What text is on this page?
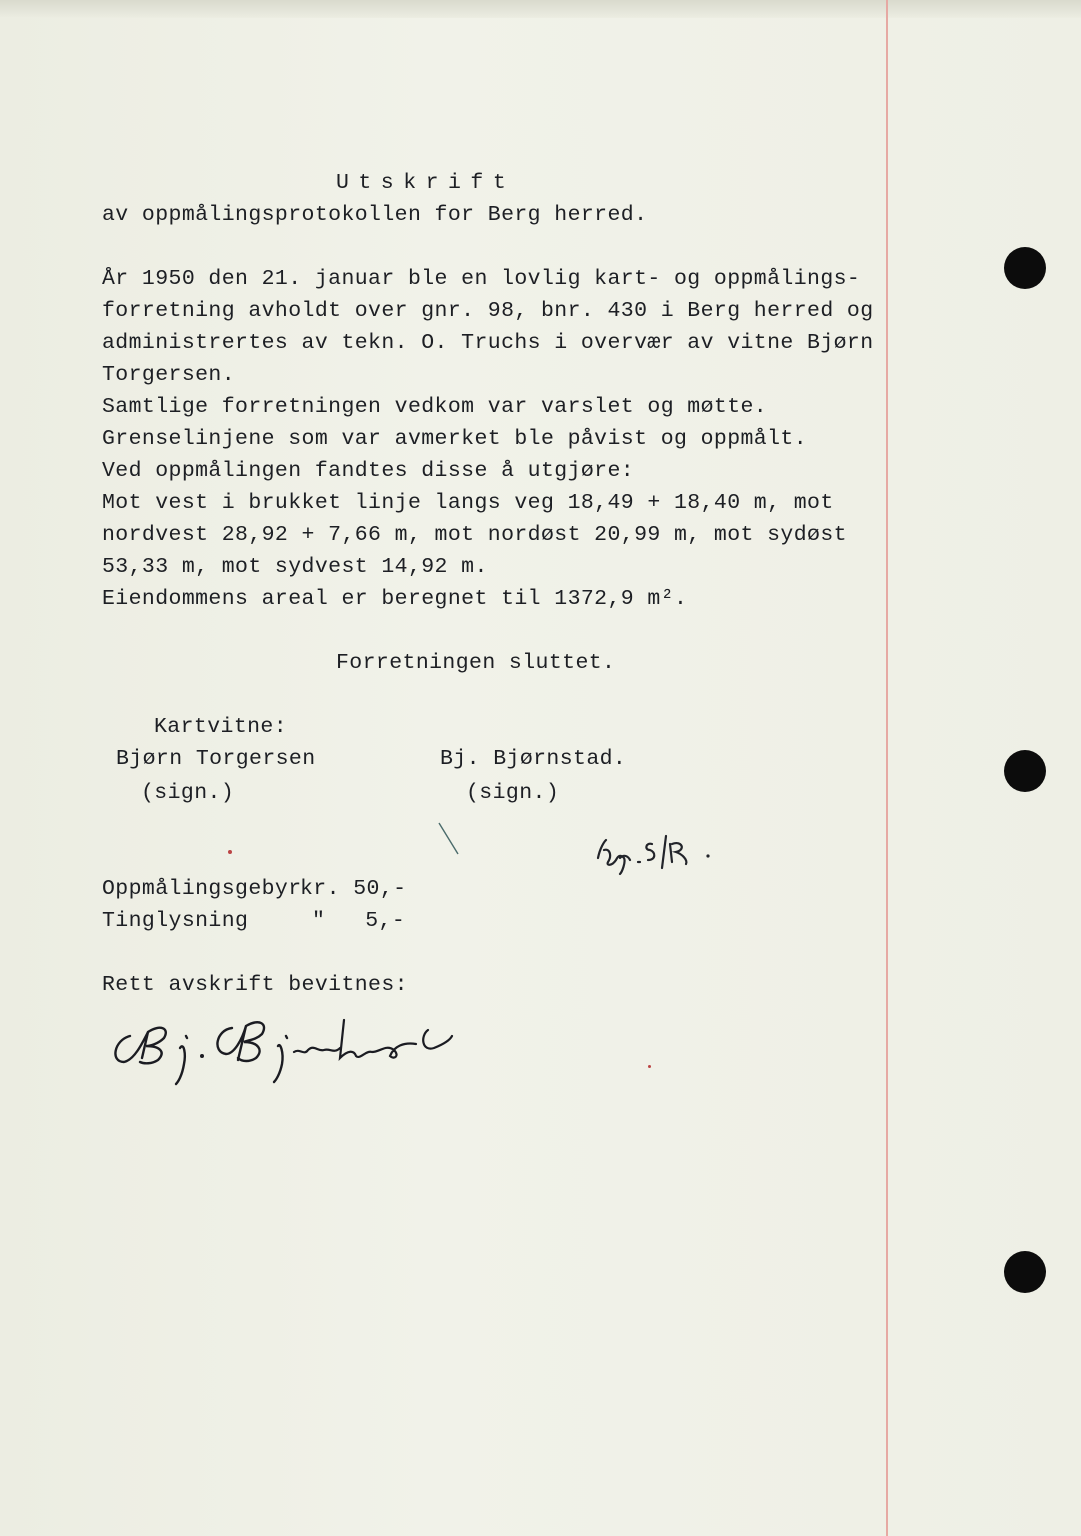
Utskrift
av oppmålingsprotokollen for Berg herred.
År 1950 den 21. januar ble en lovlig kart- og oppmålings-
forretning avholdt over gnr. 98, bnr. 430 i Berg herred og
administrertes av tekn. O. Truchs i overvær av vitne Bjørn
Torgersen.
Samtlige forretningen vedkom var varslet og møtte.
Grenselinjene som var avmerket ble påvist og oppmålt.
Ved oppmålingen fandtes disse å utgjøre:
Mot vest i brukket linje langs veg 18,49 + 18,40 m, mot
nordvest 28,92 + 7,66 m, mot nordøst 20,99 m, mot sydøst
53,33 m, mot sydvest 14,92 m.
Eiendommens areal er beregnet til 1372,9 m².
Forretningen sluttet.
Kartvitne:
Bjørn Torgersen
(sign.)
Bj. Bjørnstad.
(sign.)
Oppmålingsgebyr
kr. 50,-
Tinglysning	"   5,-
Rett avskrift bevitnes:
